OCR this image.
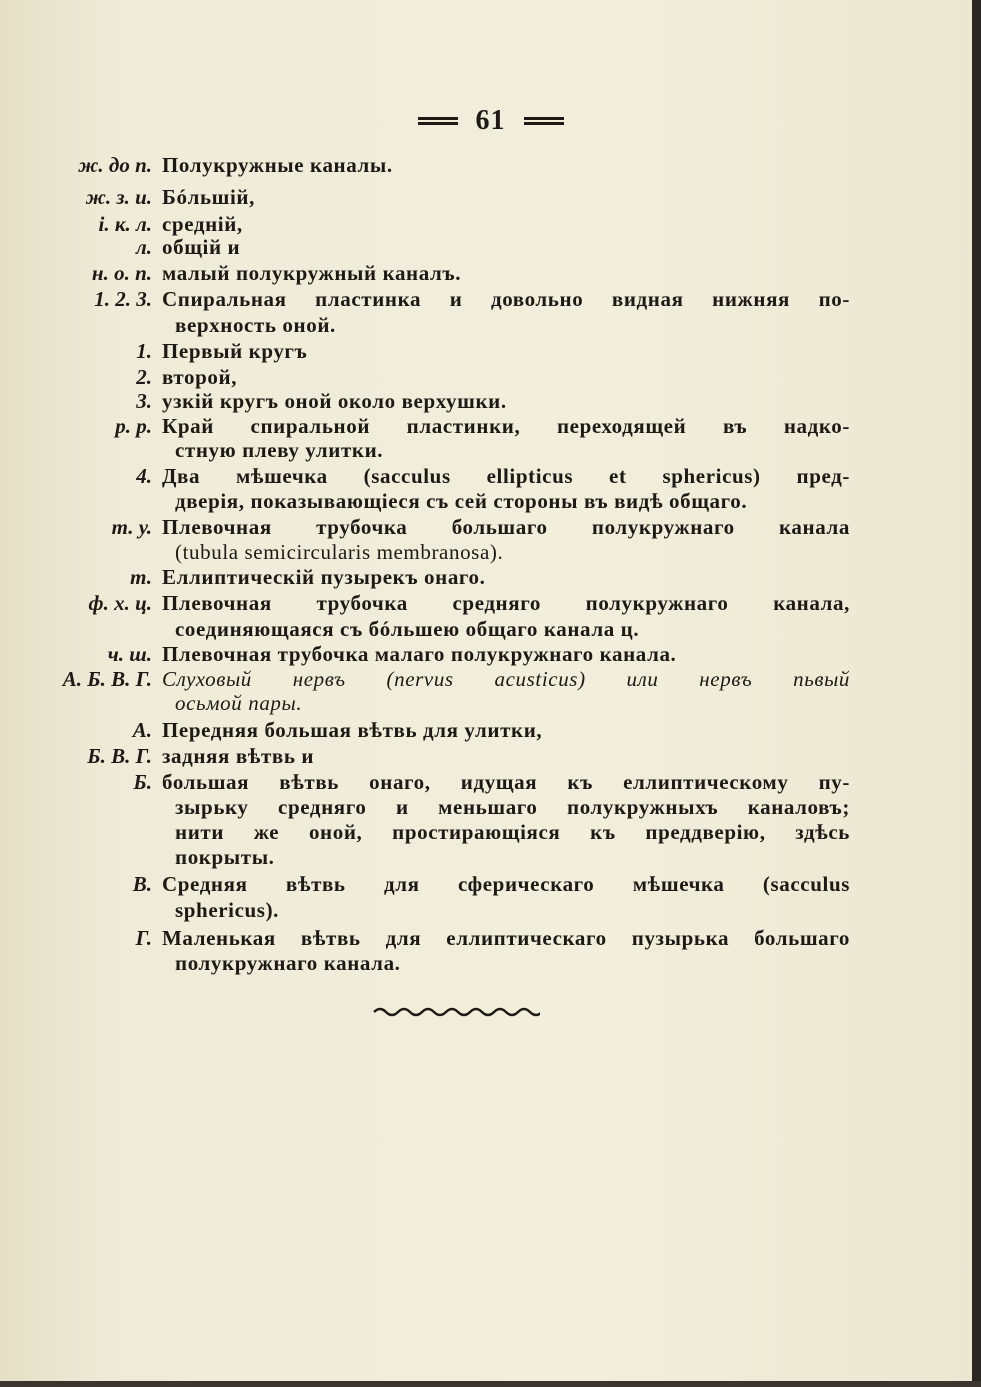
61
ж. до п. Полукружные каналы.
ж. з. и. Бóльшiй,
i. к. л. среднiй,
л. общiй и
н. о. п. малый полукружный каналъ.
1. 2. 3. Спиральная пластинка и довольно видная нижняя по-
верхность оной.
1. Первый кругъ
2. второй,
3. узкiй кругъ оной около верхушки.
р. р. Край спиральной пластинки, переходящей въ надко-
стную плеву улитки.
4. Два мѣшечка (sacculus ellipticus et sphericus) пред-
дверiя, показывающiеся съ сей стороны въ видѣ общаго.
т. у. Плевочная трубочка большаго полукружнаго канала
(tubula semicircularis membranosa).
т. Еллиптическiй пузырекъ онаго.
ф. х. ц. Плевочная трубочка средняго полукружнаго канала,
соединяющаяся съ бóльшею общаго канала ц.
ч. ш. Плевочная трубочка малаго полукружнаго канала.
А. Б. В. Г. Слуховый нервъ (nervus acusticus) или нервъ пьвый
осьмой пары.
А. Передняя большая вѣтвь для улитки,
Б. В. Г. задняя вѣтвь и
Б. большая вѣтвь онаго, идущая къ еллиптическому пу-
зырьку средняго и меньшаго полукружныхъ каналовъ;
нити же оной, простирающiяся къ преддверiю, здѣсь
покрыты.
В. Средняя вѣтвь для сферическаго мѣшечка (sacculus
sphericus).
Г. Маленькая вѣтвь для еллиптическаго пузырька большаго
полукружнаго канала.
